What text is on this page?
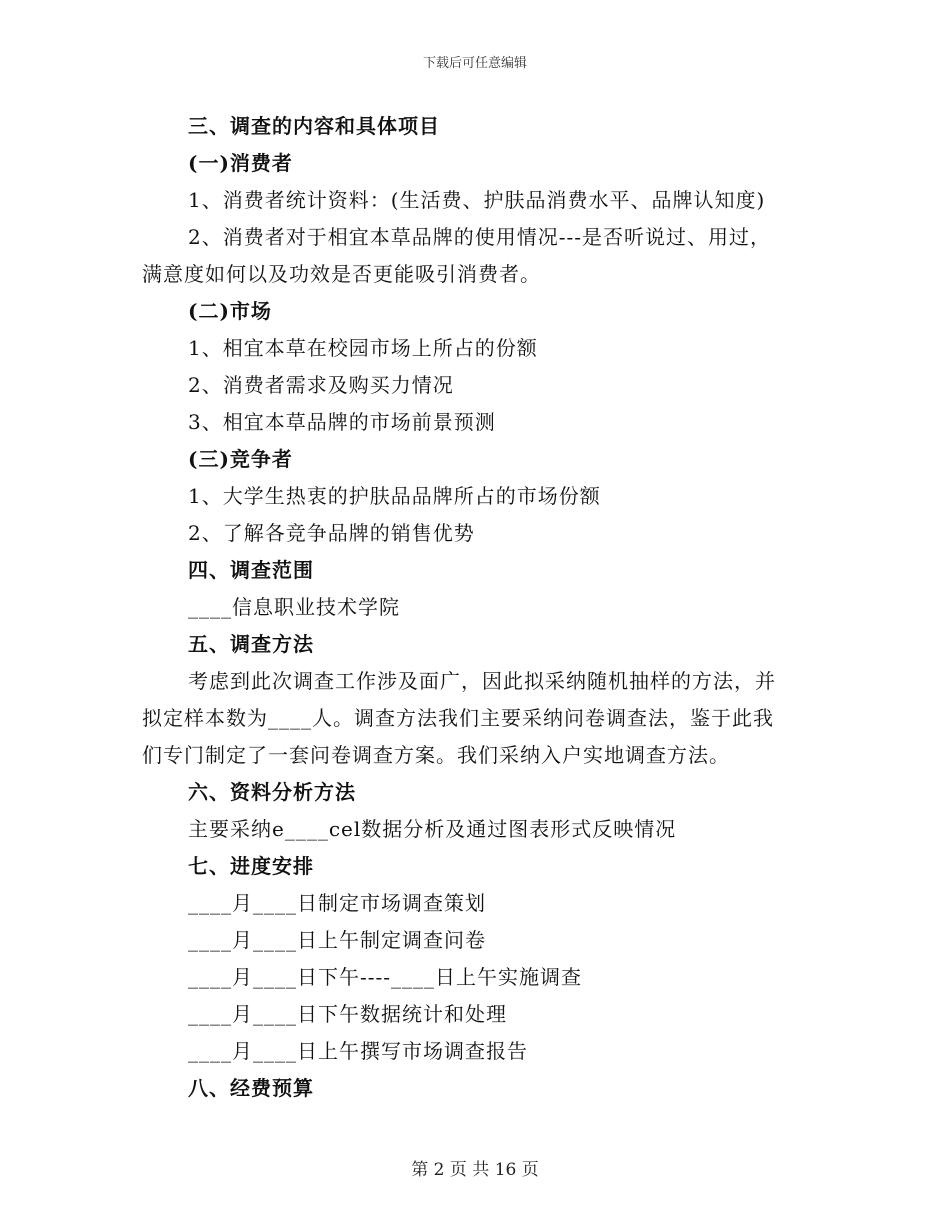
下载后可任意编辑
三、调查的内容和具体项目
(一)消费者
1、消费者统计资料：(生活费、护肤品消费水平、品牌认知度)
2、消费者对于相宜本草品牌的使用情况---是否听说过、用过，
满意度如何以及功效是否更能吸引消费者。
(二)市场
1、相宜本草在校园市场上所占的份额
2、消费者需求及购买力情况
3、相宜本草品牌的市场前景预测
(三)竞争者
1、大学生热衷的护肤品品牌所占的市场份额
2、了解各竞争品牌的销售优势
四、调查范围
____信息职业技术学院
五、调查方法
考虑到此次调查工作涉及面广，因此拟采纳随机抽样的方法，并
拟定样本数为____人。调查方法我们主要采纳问卷调查法，鉴于此我
们专门制定了一套问卷调查方案。我们采纳入户实地调查方法。
六、资料分析方法
主要采纳e____cel数据分析及通过图表形式反映情况
七、进度安排
____月____日制定市场调查策划
____月____日上午制定调查问卷
____月____日下午----____日上午实施调查
____月____日下午数据统计和处理
____月____日上午撰写市场调查报告
八、经费预算
第 2 页 共 16 页
